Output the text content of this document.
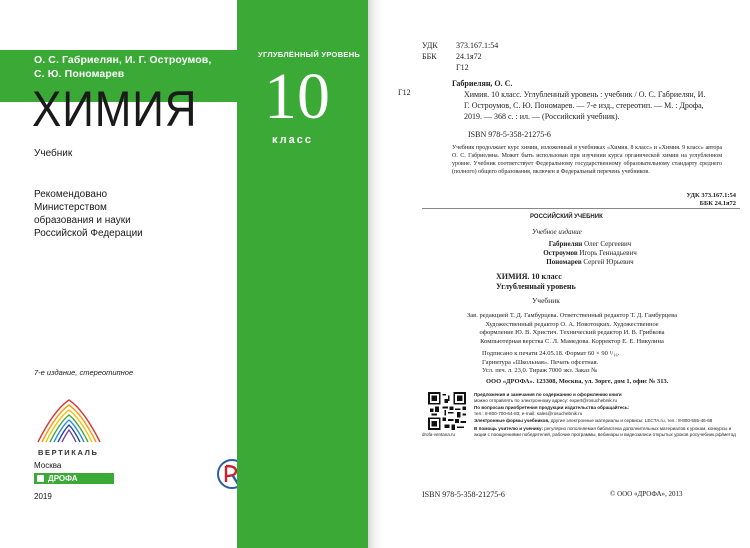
О. С. Габриелян, И. Г. Остроумов,
С. Ю. Пономарев
ХИМИЯ
Учебник
Рекомендовано
Министерством
образования и науки
Российской Федерации
7-е издание, стереотипное
ВЕРТИКАЛЬ
Москва
ДРОФА
2019
УГЛУБЛЁННЫЙ УРОВЕНЬ
10
класс
УДК	373.167.1:54
ББК	24.1я72
Г12
Г12
Габриелян, О. С.
Химия. 10 класс. Углубленный уровень : учебник / О. С. Габриелян, И. Г. Остроумов, С. Ю. Пономарев. — 7-е изд., стереотип. — М. : Дрофа, 2019. — 368 с. : ил. — (Российский учебник).
ISBN 978-5-358-21275-6
Учебник продолжает курс химии, изложенный в учебниках «Химия. 8 класс» и «Химия. 9 класс» автора О. С. Габриеляна. Может быть использован при изучении курса органической химии на углубленном уровне. Учебник соответствует Федеральному государственному образовательному стандарту среднего (полного) общего образования, включен в Федеральный перечень учебников.
УДК 373.167.1:54
ББК 24.1я72
РОССИЙСКИЙ УЧЕБНИК
Учебное издание
Габриелян Олег Сергеевич
Остроумов Игорь Геннадьевич
Пономарев Сергей Юрьевич
ХИМИЯ. 10 класс
Углубленный уровень
Учебник
Зав. редакцией Т. Д. Гамбурцева. Ответственный редактор Т. Д. Гамбурцева
Художественный редактор О. А. Новотоцких. Художественное
оформление Ю. В. Христич. Технический редактор И. В. Грибкова
Компьютерная верстка С. Л. Мамедова. Корректор Е. Е. Никулина
Подписано к печати 24.05.18. Формат 60 × 90 ¹/₁₆.
Гарнитура «Школьная». Печать офсетная.
Усл. печ. л. 23,0. Тираж 7000 экз. Заказ №
ООО «ДРОФА». 123308, Москва, ул. Зорге, дом 1, офис № 313.
drofa-ventana.ru

Предложения и замечания по содержанию и оформлению книги
можно отправлять по электронному адресу: expert@rosuchebnik.ru

По вопросам приобретения продукции издательства обращайтесь:
тел.: 8-800-700-64-83; e-mail: sales@rosuchebnik.ru

Электронные формы учебников, другие электронные материалы и сервисы: LECTA.ru, тел.: 8-800-555-46-68

В помощь учителю и ученику: регулярно пополняемая библиотека дополнительных материалов к урокам, конкурсы и акции с поощрениями победителей, рабочие программы, вебинары и видеозаписи открытых уроков росучебник.рф/метод

ISBN 978-5-358-21275-6	© ООО «ДРОФА», 2013
